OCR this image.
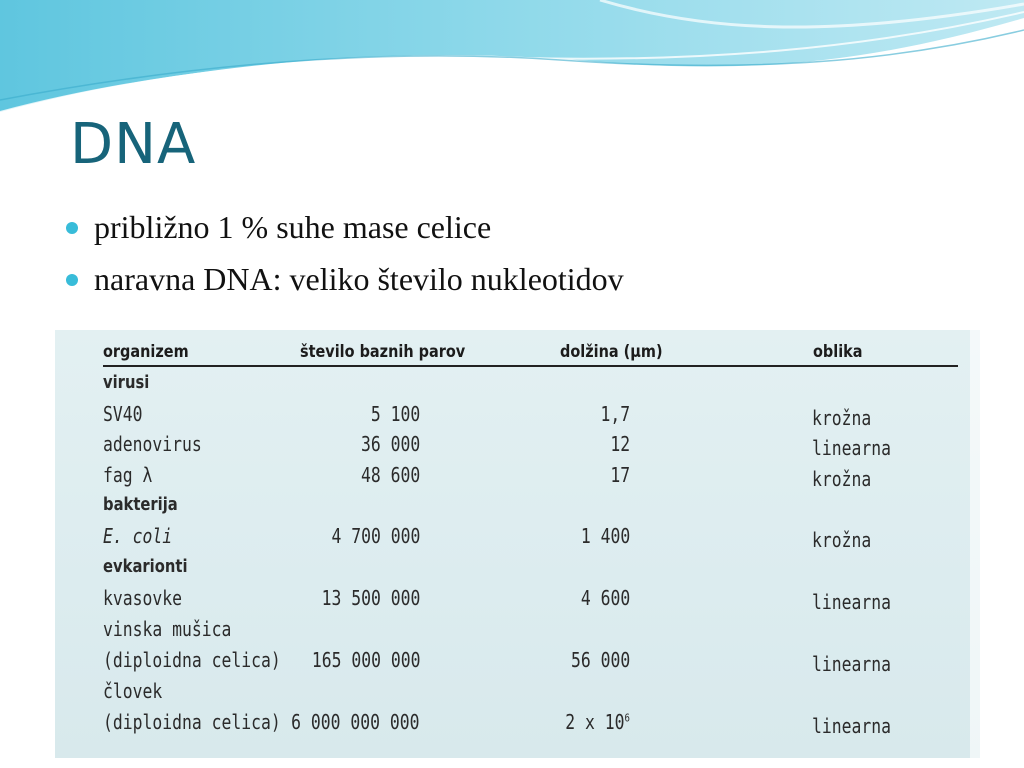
DNA
približno 1 % suhe mase celice
naravna DNA: veliko število nukleotidov
organizem	število baznih parov	dolžina (μm)	oblika
virusi
SV40	5 100	1,7	krožna
adenovirus	36 000	12	linearna
fag λ	48 600	17	krožna
bakterija
E. coli	4 700 000	1 400	krožna
evkarionti
kvasovke	13 500 000	4 600	linearna
vinska mušica
(diploidna celica) 165 000 000	56 000	linearna
človek
(diploidna celica) 6 000 000 000	2 x $10^6$	linearna
